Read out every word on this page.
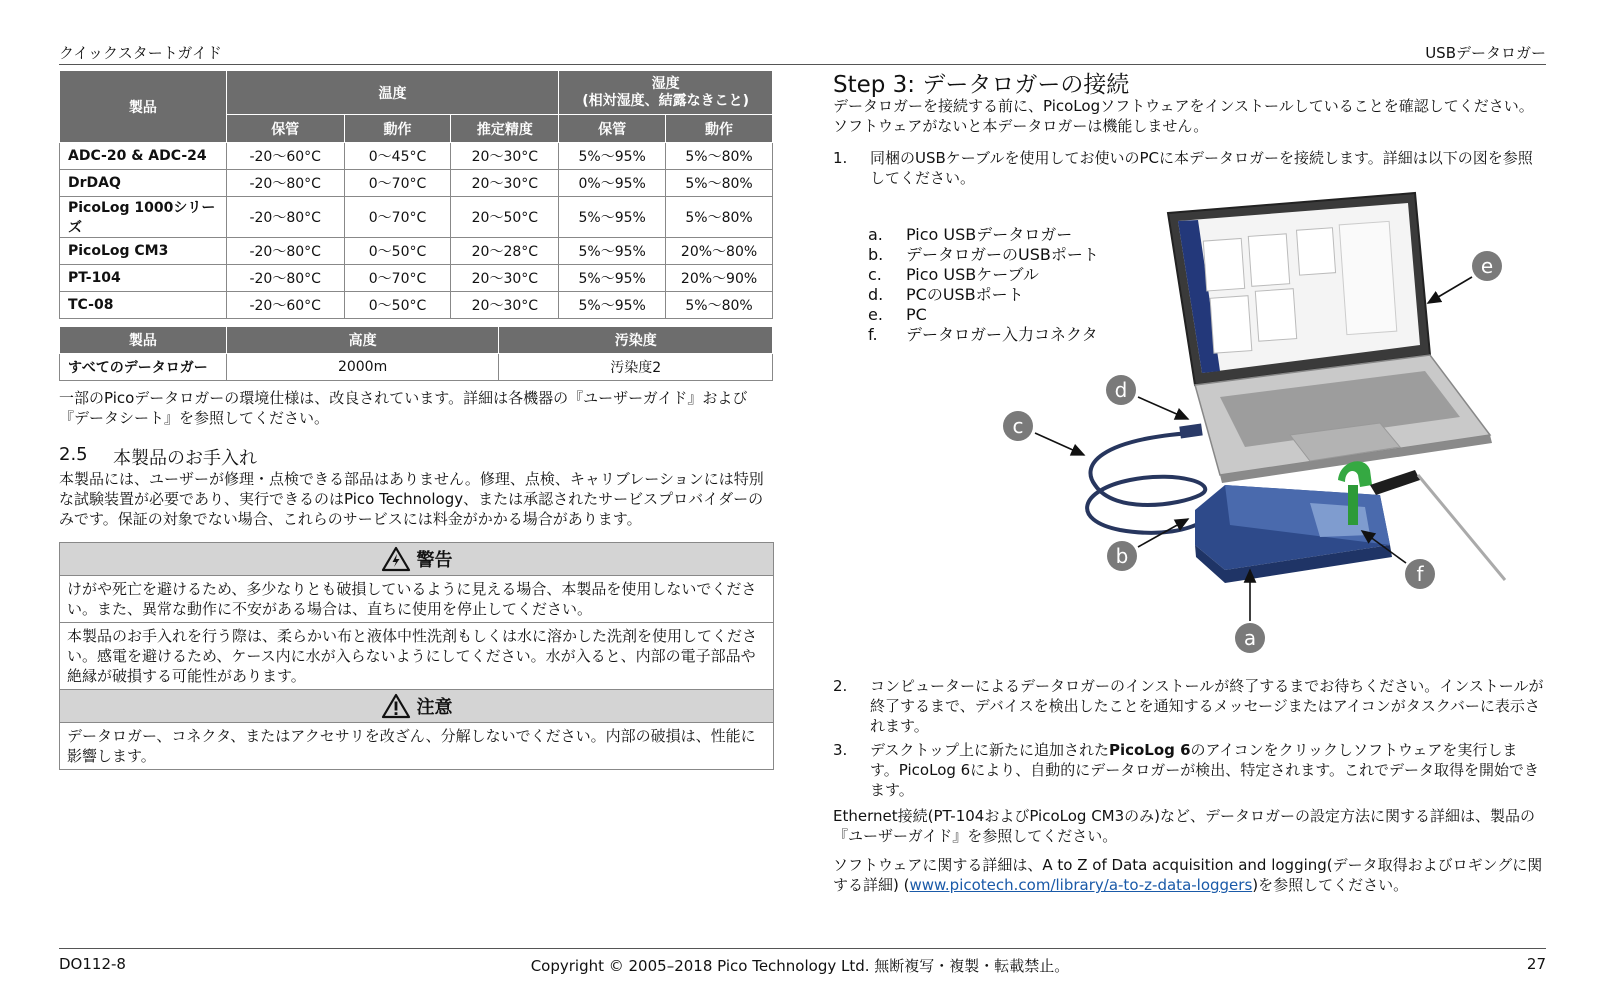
クイックスタートガイド	USBデータロガー
製品	温度			湿度
(相対湿度、結露なきこと)	

	保管	動作	推定精度	保管	動作
ADC-20 & ADC-24	-20〜60°C	0〜45°C	20〜30°C	5%〜95%	5%〜80%
DrDAQ	-20〜80°C	0〜70°C	20〜30°C	0%〜95%	5%〜80%
PicoLog 1000シリーズ	-20〜80°C	0〜70°C	20〜50°C	5%〜95%	5%〜80%
PicoLog CM3	-20〜80°C	0〜50°C	20〜28°C	5%〜95%	20%〜80%
PT-104	-20〜80°C	0〜70°C	20〜30°C	5%〜95%	20%〜90%
TC-08	-20〜60°C	0〜50°C	20〜30°C	5%〜95%	5%〜80%
製品	高度	汚染度
すべてのデータロガー	2000m	汚染度2
一部のPicoデータロガーの環境仕様は、改良されています。詳細は各機器の『ユーザーガイド』および『データシート』を参照してください。
2.5 本製品のお手入れ
本製品には、ユーザーが修理・点検できる部品はありません。修理、点検、キャリブレーションには特別な試験装置が必要であり、実行できるのはPico Technology、または承認されたサービスプロバイダーのみです。保証の対象でない場合、これらのサービスには料金がかかる場合があります。
警告
けがや死亡を避けるため、多少なりとも破損しているように見える場合、本製品を使用しないでください。また、異常な動作に不安がある場合は、直ちに使用を停止してください。
本製品のお手入れを行う際は、柔らかい布と液体中性洗剤もしくは水に溶かした洗剤を使用してください。感電を避けるため、ケース内に水が入らないようにしてください。水が入ると、内部の電子部品や絶縁が破損する可能性があります。
注意
データロガー、コネクタ、またはアクセサリを改ざん、分解しないでください。内部の破損は、性能に影響します。
Step 3: データロガーの接続
データロガーを接続する前に、PicoLogソフトウェアをインストールしていることを確認してください。ソフトウェアがないと本データロガーは機能しません。
1. 同梱のUSBケーブルを使用してお使いのPCに本データロガーを接続します。詳細は以下の図を参照してください。
a. Pico USBデータロガー
b. データロガーのUSBポート
c. Pico USBケーブル
d. PCのUSBポート
e. PC
f. データロガー入力コネクタ
a
b
c
d
e
f
2. コンピューターによるデータロガーのインストールが終了するまでお待ちください。インストールが終了するまで、デバイスを検出したことを通知するメッセージまたはアイコンがタスクバーに表示されます。
3. デスクトップ上に新たに追加されたPicoLog 6のアイコンをクリックしソフトウェアを実行します。PicoLog 6により、自動的にデータロガーが検出、特定されます。これでデータ取得を開始できます。
Ethernet接続(PT-104およびPicoLog CM3のみ)など、データロガーの設定方法に関する詳細は、製品の『ユーザーガイド』を参照してください。
ソフトウェアに関する詳細は、A to Z of Data acquisition and logging(データ取得およびロギングに関する詳細) (www.picotech.com/library/a-to-z-data-loggers)を参照してください。
DO112-8	Copyright © 2005–2018 Pico Technology Ltd. 無断複写・複製・転載禁止。	27
